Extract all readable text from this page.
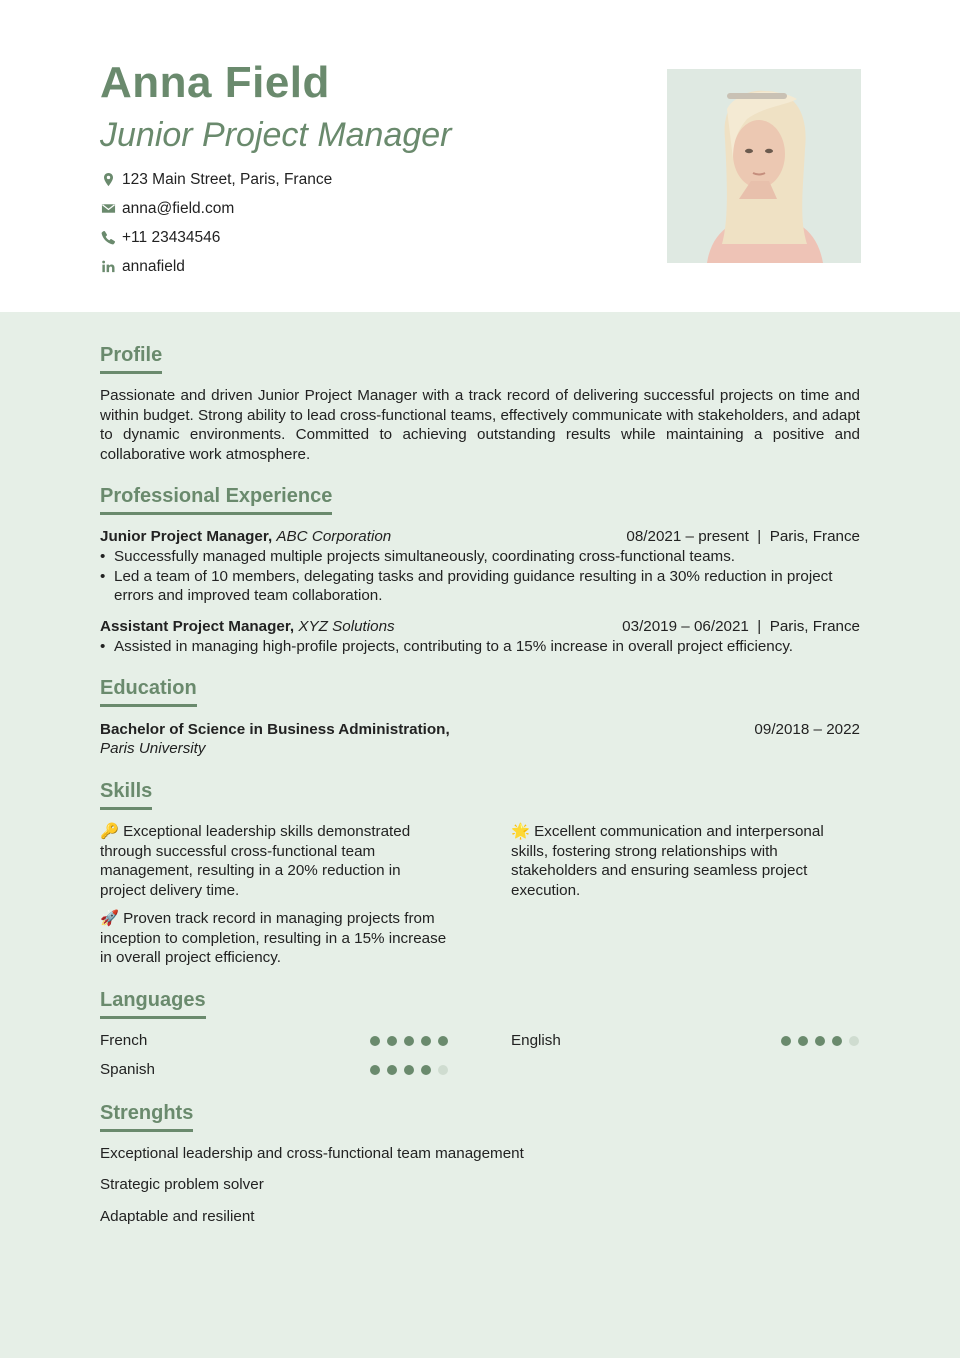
Anna Field
Junior Project Manager
123 Main Street, Paris, France
anna@field.com
+11 23434546
annafield
Profile

Passionate and driven Junior Project Manager with a track record of delivering successful projects on time and within budget. Strong ability to lead cross-functional teams, effectively communicate with stakeholders, and adapt to dynamic environments. Committed to achieving outstanding results while maintaining a positive and collaborative work atmosphere.

Professional Experience
Junior Project Manager, ABC Corporation	08/2021 – present  |  Paris, France
• Successfully managed multiple projects simultaneously, coordinating cross-functional teams.
• Led a team of 10 members, delegating tasks and providing guidance resulting in a 30% reduction in project errors and improved team collaboration.
Assistant Project Manager, XYZ Solutions	03/2019 – 06/2021  |  Paris, France
• Assisted in managing high-profile projects, contributing to a 15% increase in overall project efficiency.
Education
Bachelor of Science in Business Administration,	09/2018 – 2022
Paris University
Skills
🔑 Exceptional leadership skills demonstrated through successful cross-functional team management, resulting in a 20% reduction in project delivery time.
🌟 Excellent communication and interpersonal skills, fostering strong relationships with stakeholders and ensuring seamless project execution.
🚀 Proven track record in managing projects from inception to completion, resulting in a 15% increase in overall project efficiency.
Languages
French	English
Spanish
Strenghts
Exceptional leadership and cross-functional team management
Strategic problem solver
Adaptable and resilient
